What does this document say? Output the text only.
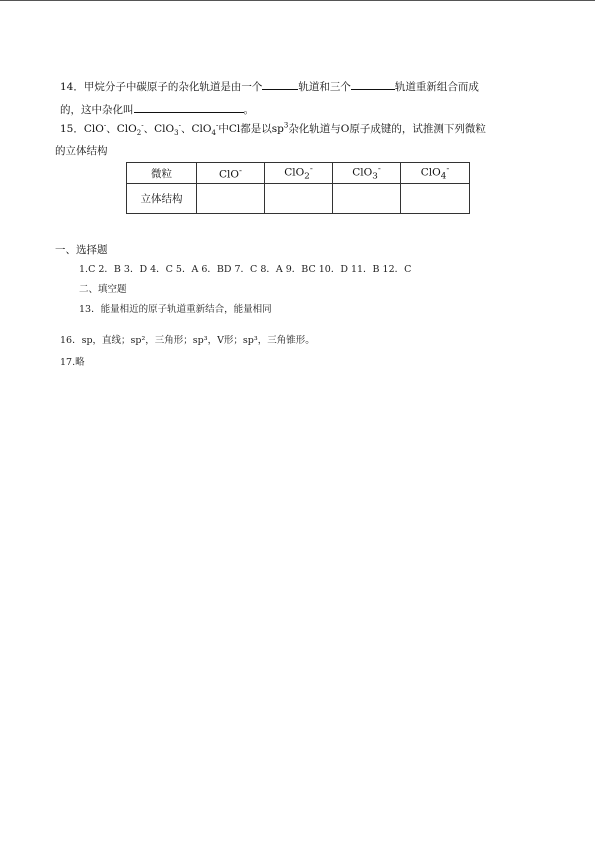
14．甲烷分子中碳原子的杂化轨道是由一个	轨道和三个	轨道重新组合而成
的，这中杂化叫	。
15．ClO-、ClO$_2$-、ClO$_3$-、ClO$_4$-中Cl都是以$sp^3$杂化轨道与O原子成键的，试推测下列微粒
的立体结构
微粒	ClO-	ClO$_2$-	ClO$_3$-	ClO$_4$-
立体结构				
一、选择题
1.C 2．B 3．D 4．C 5．A 6．BD 7．C 8．A 9．BC 10．D 11．B 12．C
二、填空题
13．能量相近的原子轨道重新结合，能量相同
16．sp，直线；sp²，三角形；sp³，V形；sp³，三角锥形。
17.略
